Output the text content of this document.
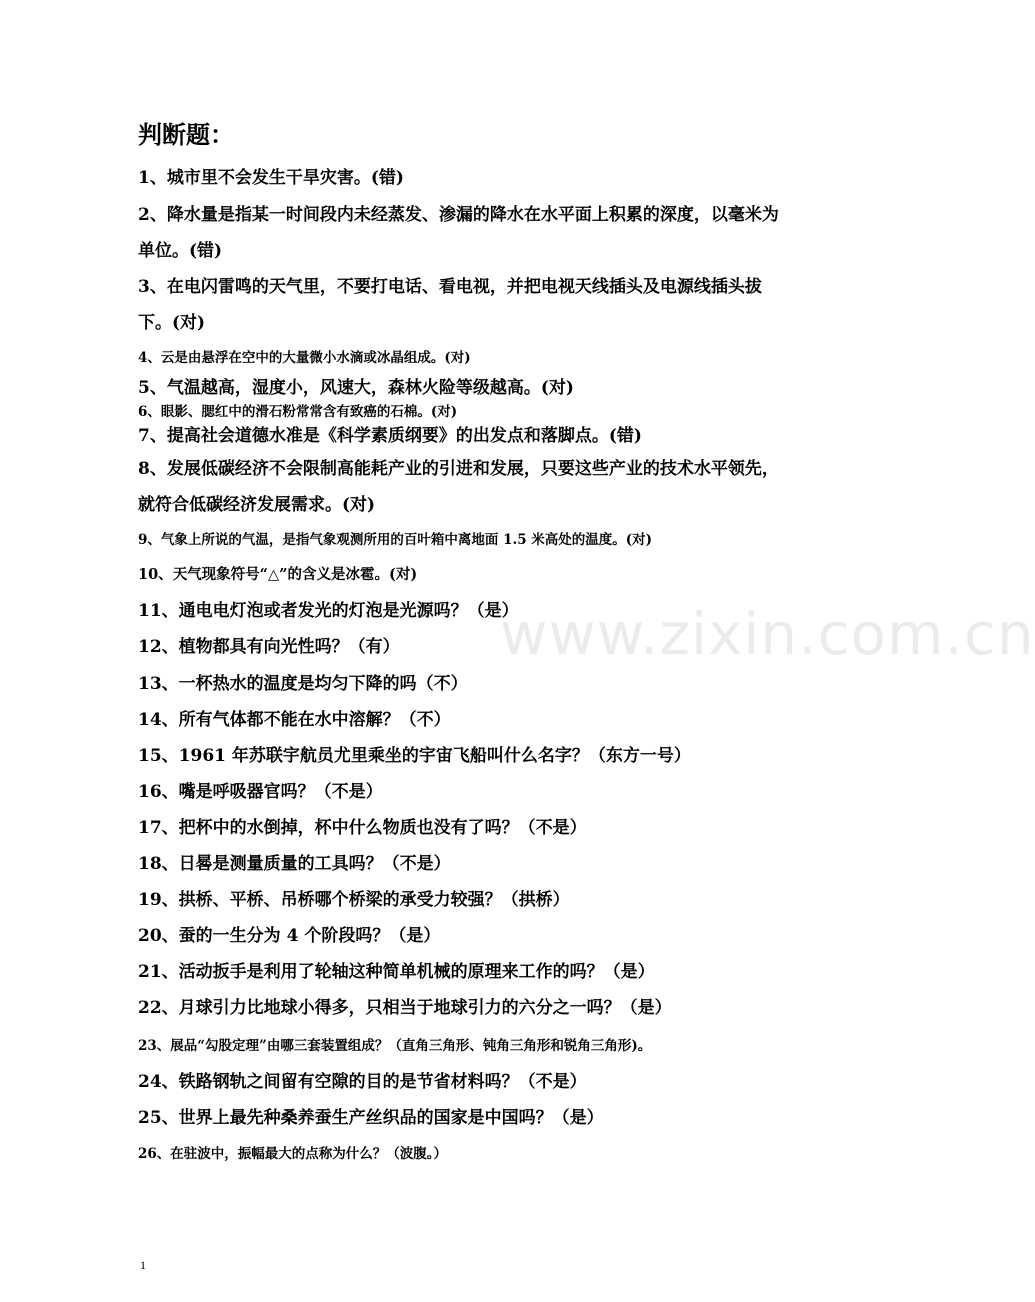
www.zixin.com.cn
判断题：
1、城市里不会发生干旱灾害。(错)
2、降水量是指某一时间段内未经蒸发、渗漏的降水在水平面上积累的深度，以毫米为单位。(错)
3、在电闪雷鸣的天气里，不要打电话、看电视，并把电视天线插头及电源线插头拔下。(对)
4、云是由悬浮在空中的大量微小水滴或冰晶组成。(对)
5、气温越高，湿度小，风速大，森林火险等级越高。(对)
6、眼影、腮红中的滑石粉常常含有致癌的石棉。(对)
7、提高社会道德水准是《科学素质纲要》的出发点和落脚点。(错)
8、发展低碳经济不会限制高能耗产业的引进和发展，只要这些产业的技术水平领先，就符合低碳经济发展需求。(对)
9、气象上所说的气温，是指气象观测所用的百叶箱中离地面 1.5 米高处的温度。(对)
10、天气现象符号“△”的含义是冰雹。(对)
11、通电电灯泡或者发光的灯泡是光源吗？（是）
12、植物都具有向光性吗？（有）
13、一杯热水的温度是均匀下降的吗（不）
14、所有气体都不能在水中溶解？（不）
15、1961 年苏联宇航员尤里乘坐的宇宙飞船叫什么名字？（东方一号）
16、嘴是呼吸器官吗？（不是）
17、把杯中的水倒掉，杯中什么物质也没有了吗？（不是）
18、日晷是测量质量的工具吗？（不是）
19、拱桥、平桥、吊桥哪个桥梁的承受力较强？（拱桥）
20、蚕的一生分为 4 个阶段吗？（是）
21、活动扳手是利用了轮轴这种简单机械的原理来工作的吗？（是）
22、月球引力比地球小得多，只相当于地球引力的六分之一吗？（是）
23、展品“勾股定理”由哪三套装置组成？（直角三角形、钝角三角形和锐角三角形)。
24、铁路钢轨之间留有空隙的目的是节省材料吗？（不是）
25、世界上最先种桑养蚕生产丝织品的国家是中国吗？（是）
26、在驻波中，振幅最大的点称为什么？（波腹。）
1
